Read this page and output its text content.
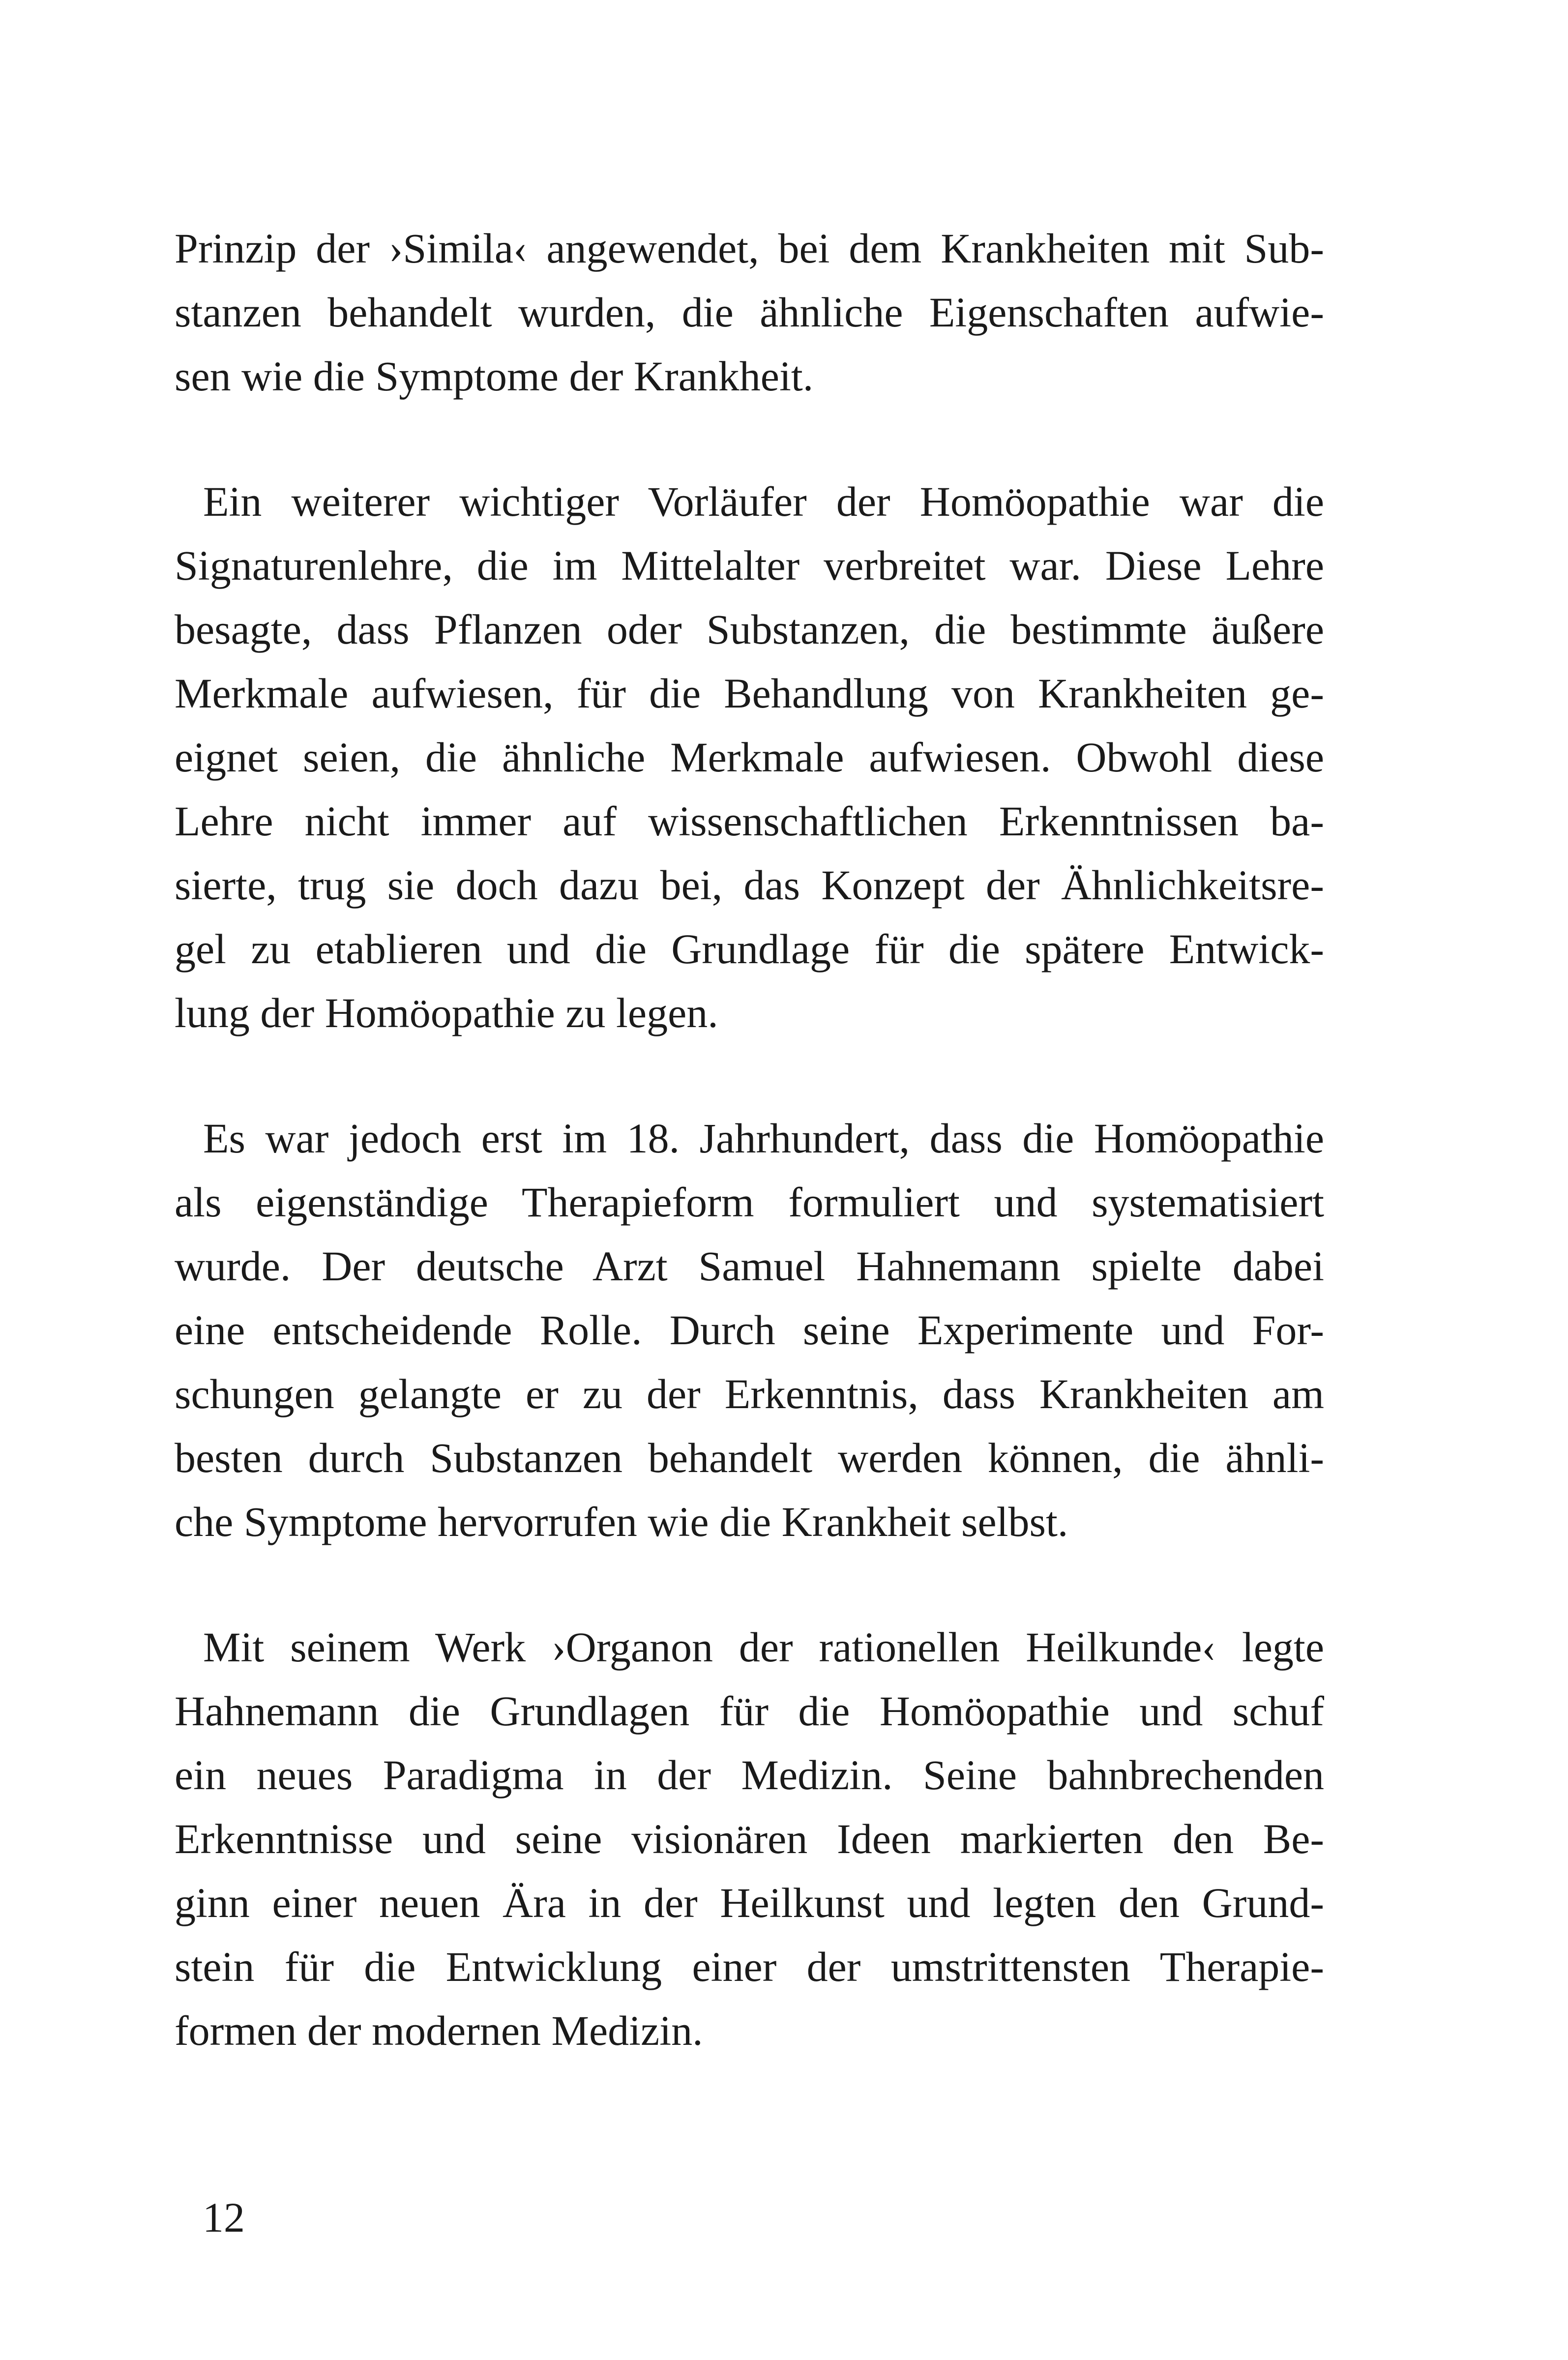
Prinzip der ›Simila‹ angewendet, bei dem Krankheiten mit Sub-
stanzen behandelt wurden, die ähnliche Eigenschaften aufwie-
sen wie die Symptome der Krankheit.
Ein weiterer wichtiger Vorläufer der Homöopathie war die
Signaturenlehre, die im Mittelalter verbreitet war. Diese Lehre
besagte, dass Pflanzen oder Substanzen, die bestimmte äußere
Merkmale aufwiesen, für die Behandlung von Krankheiten ge-
eignet seien, die ähnliche Merkmale aufwiesen. Obwohl diese
Lehre nicht immer auf wissenschaftlichen Erkenntnissen ba-
sierte, trug sie doch dazu bei, das Konzept der Ähnlichkeitsre-
gel zu etablieren und die Grundlage für die spätere Entwick-
lung der Homöopathie zu legen.
Es war jedoch erst im 18. Jahrhundert, dass die Homöopathie
als eigenständige Therapieform formuliert und systematisiert
wurde. Der deutsche Arzt Samuel Hahnemann spielte dabei
eine entscheidende Rolle. Durch seine Experimente und For-
schungen gelangte er zu der Erkenntnis, dass Krankheiten am
besten durch Substanzen behandelt werden können, die ähnli-
che Symptome hervorrufen wie die Krankheit selbst.
Mit seinem Werk ›Organon der rationellen Heilkunde‹ legte
Hahnemann die Grundlagen für die Homöopathie und schuf
ein neues Paradigma in der Medizin. Seine bahnbrechenden
Erkenntnisse und seine visionären Ideen markierten den Be-
ginn einer neuen Ära in der Heilkunst und legten den Grund-
stein für die Entwicklung einer der umstrittensten Therapie-
formen der modernen Medizin.
12
